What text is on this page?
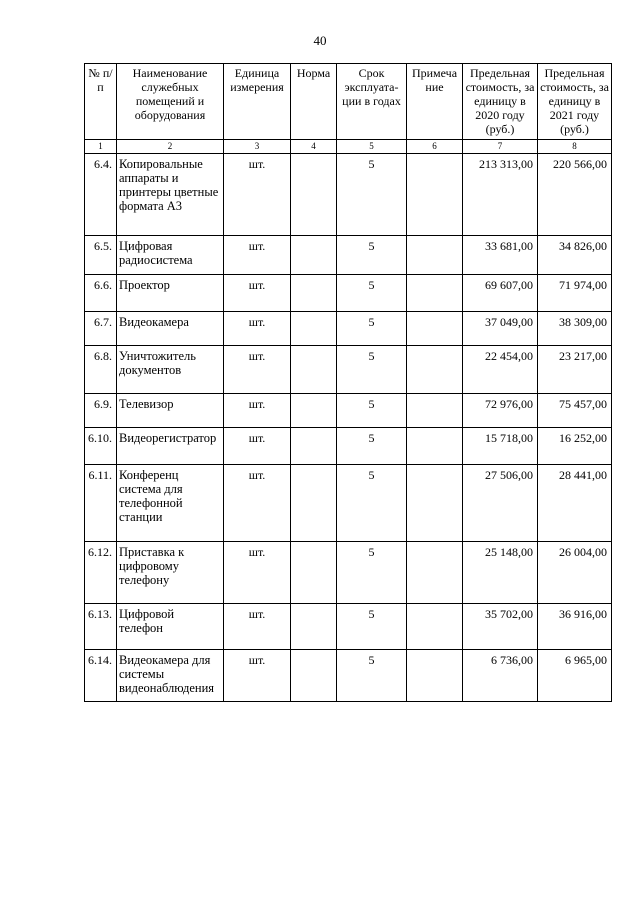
40
№ п/п	Наименование служебных помещений и оборудования	Единица измерения	Норма	Срок эксплуата-ции в годах	Примеча ние	Предельная стоимость, за единицу в 2020 году (руб.)	Предельная стоимость, за единицу в 2021 году (руб.)
1	2	3	4	5	6	7	8
6.4.	Копировальные аппараты и принтеры цветные формата А3	шт.		5		213 313,00	220 566,00
6.5.	Цифровая радиосистема	шт.		5		33 681,00	34 826,00
6.6.	Проектор	шт.		5		69 607,00	71 974,00
6.7.	Видеокамера	шт.		5		37 049,00	38 309,00
6.8.	Уничтожитель документов	шт.		5		22 454,00	23 217,00
6.9.	Телевизор	шт.		5		72 976,00	75 457,00
6.10.	Видеорегистратор	шт.		5		15 718,00	16 252,00
6.11.	Конференц система для телефонной станции	шт.		5		27 506,00	28 441,00
6.12.	Приставка к цифровому телефону	шт.		5		25 148,00	26 004,00
6.13.	Цифровой телефон	шт.		5		35 702,00	36 916,00
6.14.	Видеокамера для системы видеонаблюдения	шт.		5		6 736,00	6 965,00
